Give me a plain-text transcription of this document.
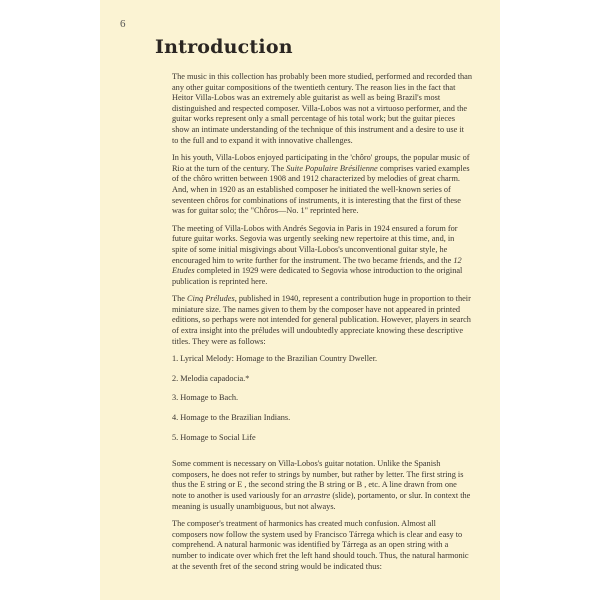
6
Introduction

The music in this collection has probably been more studied, performed and recorded than any other guitar compositions of the twentieth century. The reason lies in the fact that Heitor Villa-Lobos was an extremely able guitarist as well as being Brazil's most distinguished and respected composer. Villa-Lobos was not a virtuoso performer, and the guitar works represent only a small percentage of his total work; but the guitar pieces show an intimate understanding of the technique of this instrument and a desire to use it to the full and to expand it with innovative challenges.

In his youth, Villa-Lobos enjoyed participating in the 'chôro' groups, the popular music of Rio at the turn of the century. The Suite Populaire Brésilienne comprises varied examples of the chôro written between 1908 and 1912 characterized by melodies of great charm. And, when in 1920 as an established composer he initiated the well-known series of seventeen chôros for combinations of instruments, it is interesting that the first of these was for guitar solo; the "Chôros—No. 1" reprinted here.

The meeting of Villa-Lobos with Andrés Segovia in Paris in 1924 ensured a forum for future guitar works. Segovia was urgently seeking new repertoire at this time, and, in spite of some initial misgivings about Villa-Lobos's unconventional guitar style, he encouraged him to write further for the instrument. The two became friends, and the 12 Etudes completed in 1929 were dedicated to Segovia whose introduction to the original publication is reprinted here.

The Cinq Préludes, published in 1940, represent a contribution huge in proportion to their miniature size. The names given to them by the composer have not appeared in printed editions, so perhaps were not intended for general publication. However, players in search of extra insight into the préludes will undoubtedly appreciate knowing these descriptive titles. They were as follows:

1. Lyrical Melody: Homage to the Brazilian Country Dweller.
2. Melodia capadocia.*
3. Homage to Bach.
4. Homage to the Brazilian Indians.
5. Homage to Social Life

Some comment is necessary on Villa-Lobos's guitar notation. Unlike the Spanish composers, he does not refer to strings by number, but rather by letter. The first string is thus the E string or E , the second string the B string or B , etc. A line drawn from one note to another is used variously for an arrastre (slide), portamento, or slur. In context the meaning is usually unambiguous, but not always.

The composer's treatment of harmonics has created much confusion. Almost all composers now follow the system used by Francisco Tárrega which is clear and easy to comprehend. A natural harmonic was identified by Tárrega as an open string with a number to indicate over which fret the left hand should touch. Thus, the natural harmonic at the seventh fret of the second string would be indicated thus:
